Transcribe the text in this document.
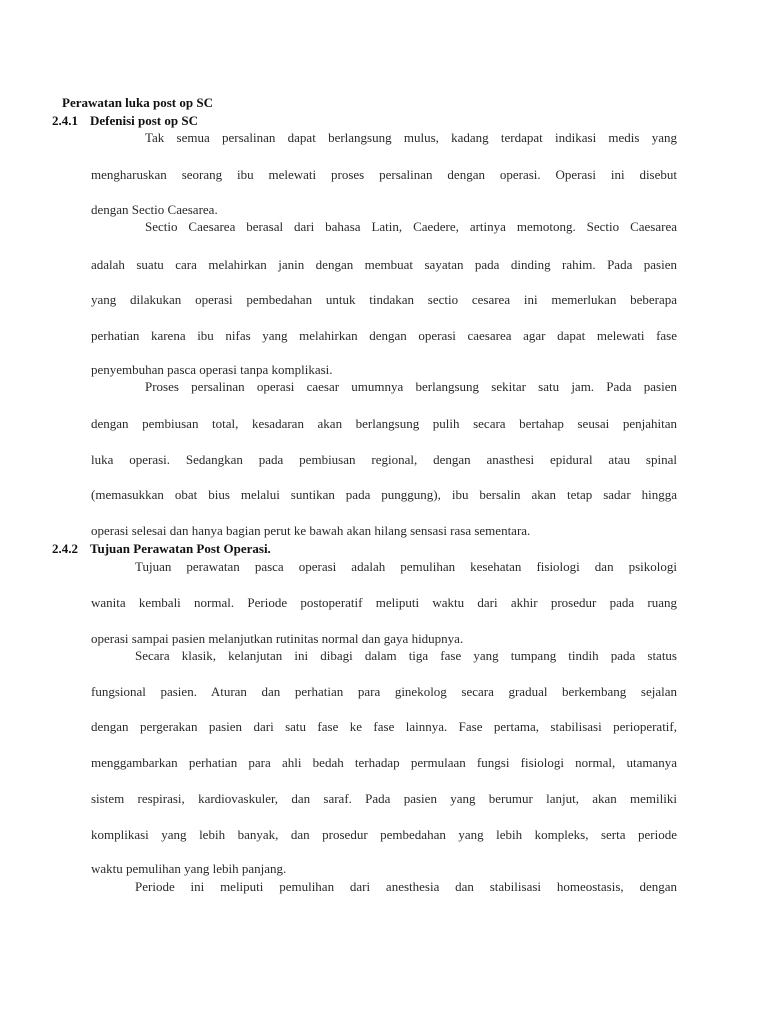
Perawatan luka post op SC
2.4.1 Defenisi post op SC
Tak semua persalinan dapat berlangsung mulus, kadang terdapat indikasi medis yang
mengharuskan seorang ibu melewati proses persalinan dengan operasi. Operasi ini disebut
dengan Sectio Caesarea.
Sectio Caesarea berasal dari bahasa Latin, Caedere, artinya memotong. Sectio Caesarea
adalah suatu cara melahirkan janin dengan membuat sayatan pada dinding rahim. Pada pasien
yang dilakukan operasi pembedahan untuk tindakan sectio cesarea ini memerlukan beberapa
perhatian karena ibu nifas yang melahirkan dengan operasi caesarea agar dapat melewati fase
penyembuhan pasca operasi tanpa komplikasi.
Proses persalinan operasi caesar umumnya berlangsung sekitar satu jam. Pada pasien
dengan pembiusan total, kesadaran akan berlangsung pulih secara bertahap seusai penjahitan
luka operasi. Sedangkan pada pembiusan regional, dengan anasthesi epidural atau spinal
(memasukkan obat bius melalui suntikan pada punggung), ibu bersalin akan tetap sadar hingga
operasi selesai dan hanya bagian perut ke bawah akan hilang sensasi rasa sementara.
2.4.2 Tujuan Perawatan Post Operasi.
Tujuan perawatan pasca operasi adalah pemulihan kesehatan fisiologi dan psikologi
wanita kembali normal. Periode postoperatif meliputi waktu dari akhir prosedur pada ruang
operasi sampai pasien melanjutkan rutinitas normal dan gaya hidupnya.
Secara klasik, kelanjutan ini dibagi dalam tiga fase yang tumpang tindih pada status
fungsional pasien. Aturan dan perhatian para ginekolog secara gradual berkembang sejalan
dengan pergerakan pasien dari satu fase ke fase lainnya. Fase pertama, stabilisasi perioperatif,
menggambarkan perhatian para ahli bedah terhadap permulaan fungsi fisiologi normal, utamanya
sistem respirasi, kardiovaskuler, dan saraf. Pada pasien yang berumur lanjut, akan memiliki
komplikasi yang lebih banyak, dan prosedur pembedahan yang lebih kompleks, serta periode
waktu pemulihan yang lebih panjang.
Periode ini meliputi pemulihan dari anesthesia dan stabilisasi homeostasis, dengan
